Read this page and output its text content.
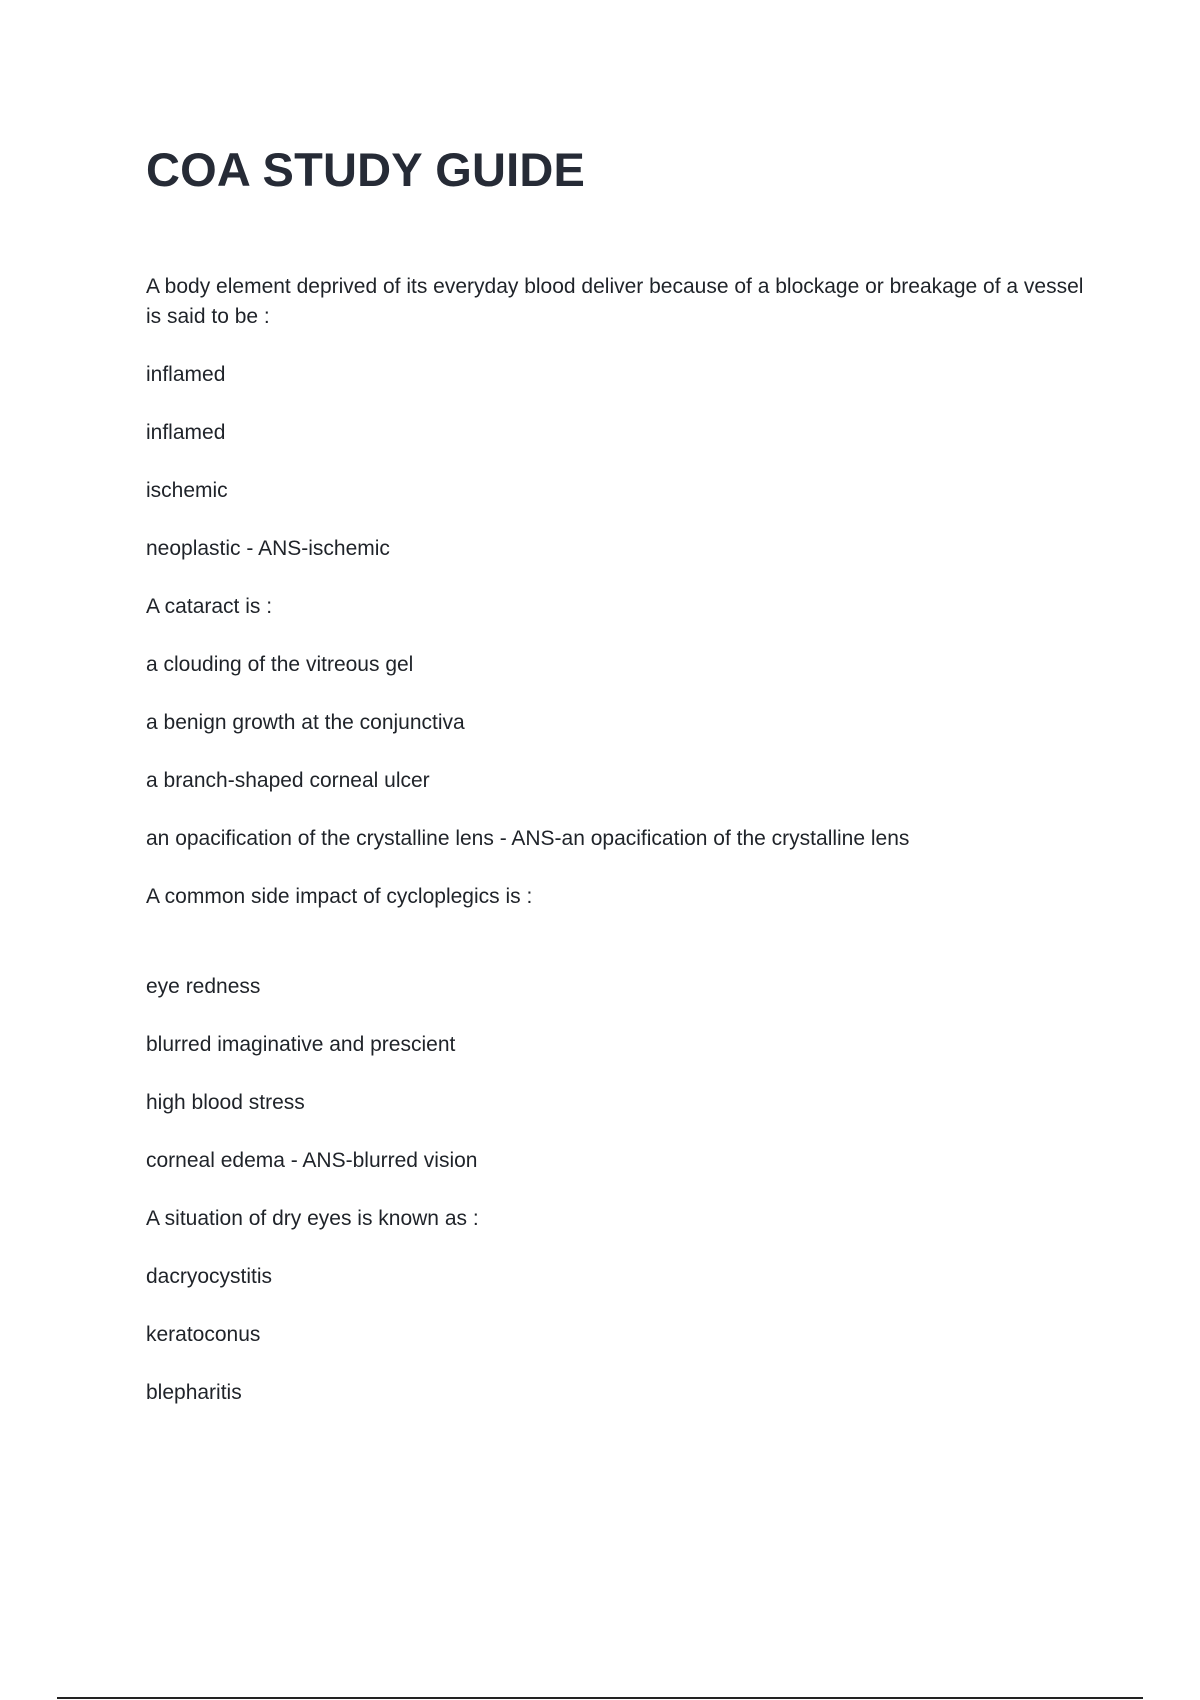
COA STUDY GUIDE

A body element deprived of its everyday blood deliver because of a blockage or breakage of a vessel is said to be :

inflamed

inflamed

ischemic

neoplastic - ANS-ischemic

A cataract is :

a clouding of the vitreous gel

a benign growth at the conjunctiva

a branch-shaped corneal ulcer

an opacification of the crystalline lens - ANS-an opacification of the crystalline lens

A common side impact of cycloplegics is :

eye redness

blurred imaginative and prescient

high blood stress

corneal edema - ANS-blurred vision

A situation of dry eyes is known as :

dacryocystitis

keratoconus

blepharitis
